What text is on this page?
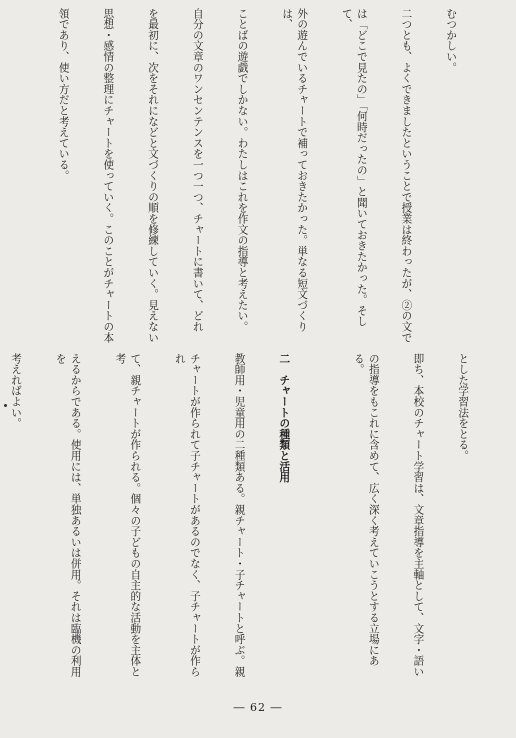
むつかしい。

二つとも、よくできましたということで授業は終わったが、②の文で

は「どこで見たの」「何時だったの」と聞いておきたかった。そして、

外の遊んでいるチャートで補っておきたかった。単なる短文づくりは、

ことばの遊戯でしかない。わたしはこれを作文の指導と考えたい。

自分の文章のワンセンテンスを一つ一つ、チャートに書いて、どれ

を最初に、次をそれになどと文づくりの順を修練していく。見えない

思想・感情の整理にチャートを使っていく。このことがチャートの本

領であり、使い方だと考えている。

とした学習法をとる。

即ち、本校のチャート学習は、文章指導を主軸として、文字・語い

の指導をもこれに含めて、広く深く考えていこうとする立場にある。

二　チャートの種類と活用

教師用・児童用の二種類ある。親チャート・子チャートと呼ぶ。親

チャートが作られて子チャートがあるのでなく、子チャートが作られ

て、親チャートが作られる。個々の子どもの自主的な活動を主体と考

えるからである。使用には、単独あるいは併用。それは臨機の利用を

考えればよい。

― 62 ―
